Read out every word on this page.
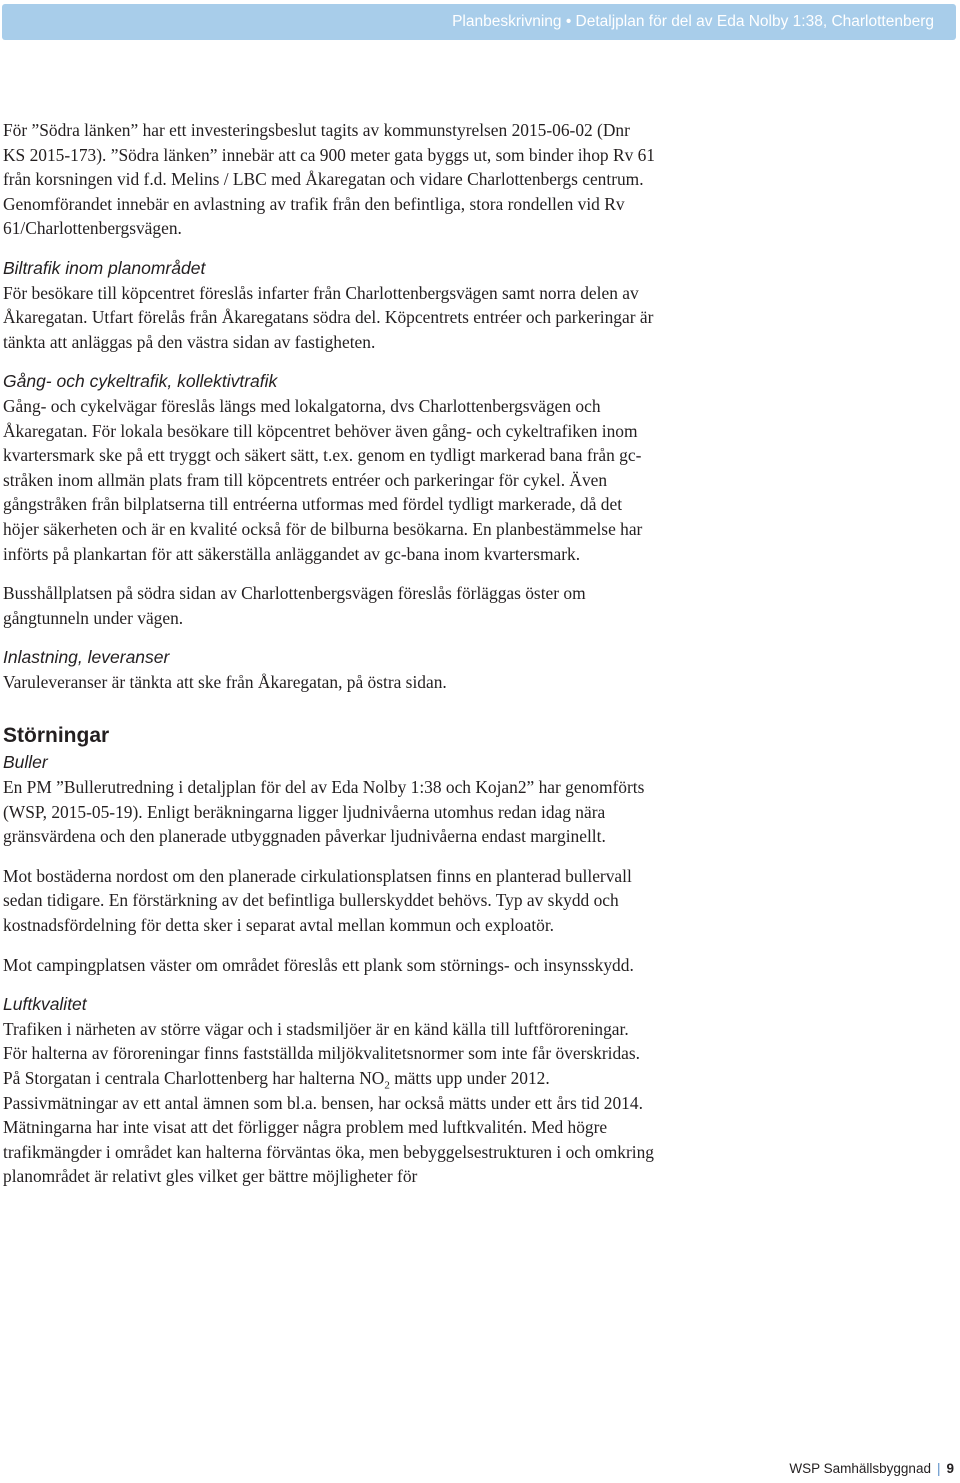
Planbeskrivning • Detaljplan för del av Eda Nolby 1:38, Charlottenberg

För ”Södra länken” har ett investeringsbeslut tagits av kommunstyrelsen 2015-06-02 (Dnr KS 2015-173). ”Södra länken” innebär att ca 900 meter gata byggs ut, som binder ihop Rv 61 från korsningen vid f.d. Melins / LBC med Åkaregatan och vidare Charlottenbergs centrum. Genomförandet innebär en avlastning av trafik från den befintliga, stora rondellen vid Rv 61/Charlottenbergsvägen.

Biltrafik inom planområdet

För besökare till köpcentret föreslås infarter från Charlottenbergsvägen samt norra delen av Åkaregatan. Utfart förelås från Åkaregatans södra del. Köpcentrets entréer och parkeringar är tänkta att anläggas på den västra sidan av fastigheten.

Gång- och cykeltrafik, kollektivtrafik

Gång- och cykelvägar föreslås längs med lokalgatorna, dvs Charlottenbergsvägen och Åkaregatan. För lokala besökare till köpcentret behöver även gång- och cykeltrafiken inom kvartersmark ske på ett tryggt och säkert sätt, t.ex. genom en tydligt markerad bana från gc-stråken inom allmän plats fram till köpcentrets entréer och parkeringar för cykel. Även gångstråken från bilplatserna till entréerna utformas med fördel tydligt markerade, då det höjer säkerheten och är en kvalité också för de bilburna besökarna. En planbestämmelse har införts på plankartan för att säkerställa anläggandet av gc-bana inom kvartersmark.

Busshållplatsen på södra sidan av Charlottenbergsvägen föreslås förläggas öster om gångtunneln under vägen.

Inlastning, leveranser

Varuleveranser är tänkta att ske från Åkaregatan, på östra sidan.

Störningar
Buller

En PM ”Bullerutredning i detaljplan för del av Eda Nolby 1:38 och Kojan2” har genomförts (WSP, 2015-05-19). Enligt beräkningarna ligger ljudnivåerna utomhus redan idag nära gränsvärdena och den planerade utbyggnaden påverkar ljudnivåerna endast marginellt.

Mot bostäderna nordost om den planerade cirkulationsplatsen finns en planterad bullervall sedan tidigare. En förstärkning av det befintliga bullerskyddet behövs. Typ av skydd och kostnadsfördelning för detta sker i separat avtal mellan kommun och exploatör.

Mot campingplatsen väster om området föreslås ett plank som störnings- och insynsskydd.

Luftkvalitet

Trafiken i närheten av större vägar och i stadsmiljöer är en känd källa till luftföroreningar. För halterna av föroreningar finns fastställda miljökvalitetsnormer som inte får överskridas. På Storgatan i centrala Charlottenberg har halterna $NO_2$ mätts upp under 2012. Passivmätningar av ett antal ämnen som bl.a. bensen, har också mätts under ett års tid 2014. Mätningarna har inte visat att det förligger några problem med luftkvalitén. Med högre trafikmängder i området kan halterna förväntas öka, men bebyggelsestrukturen i och omkring planområdet är relativt gles vilket ger bättre möjligheter för

WSP Samhällsbyggnad | 9
